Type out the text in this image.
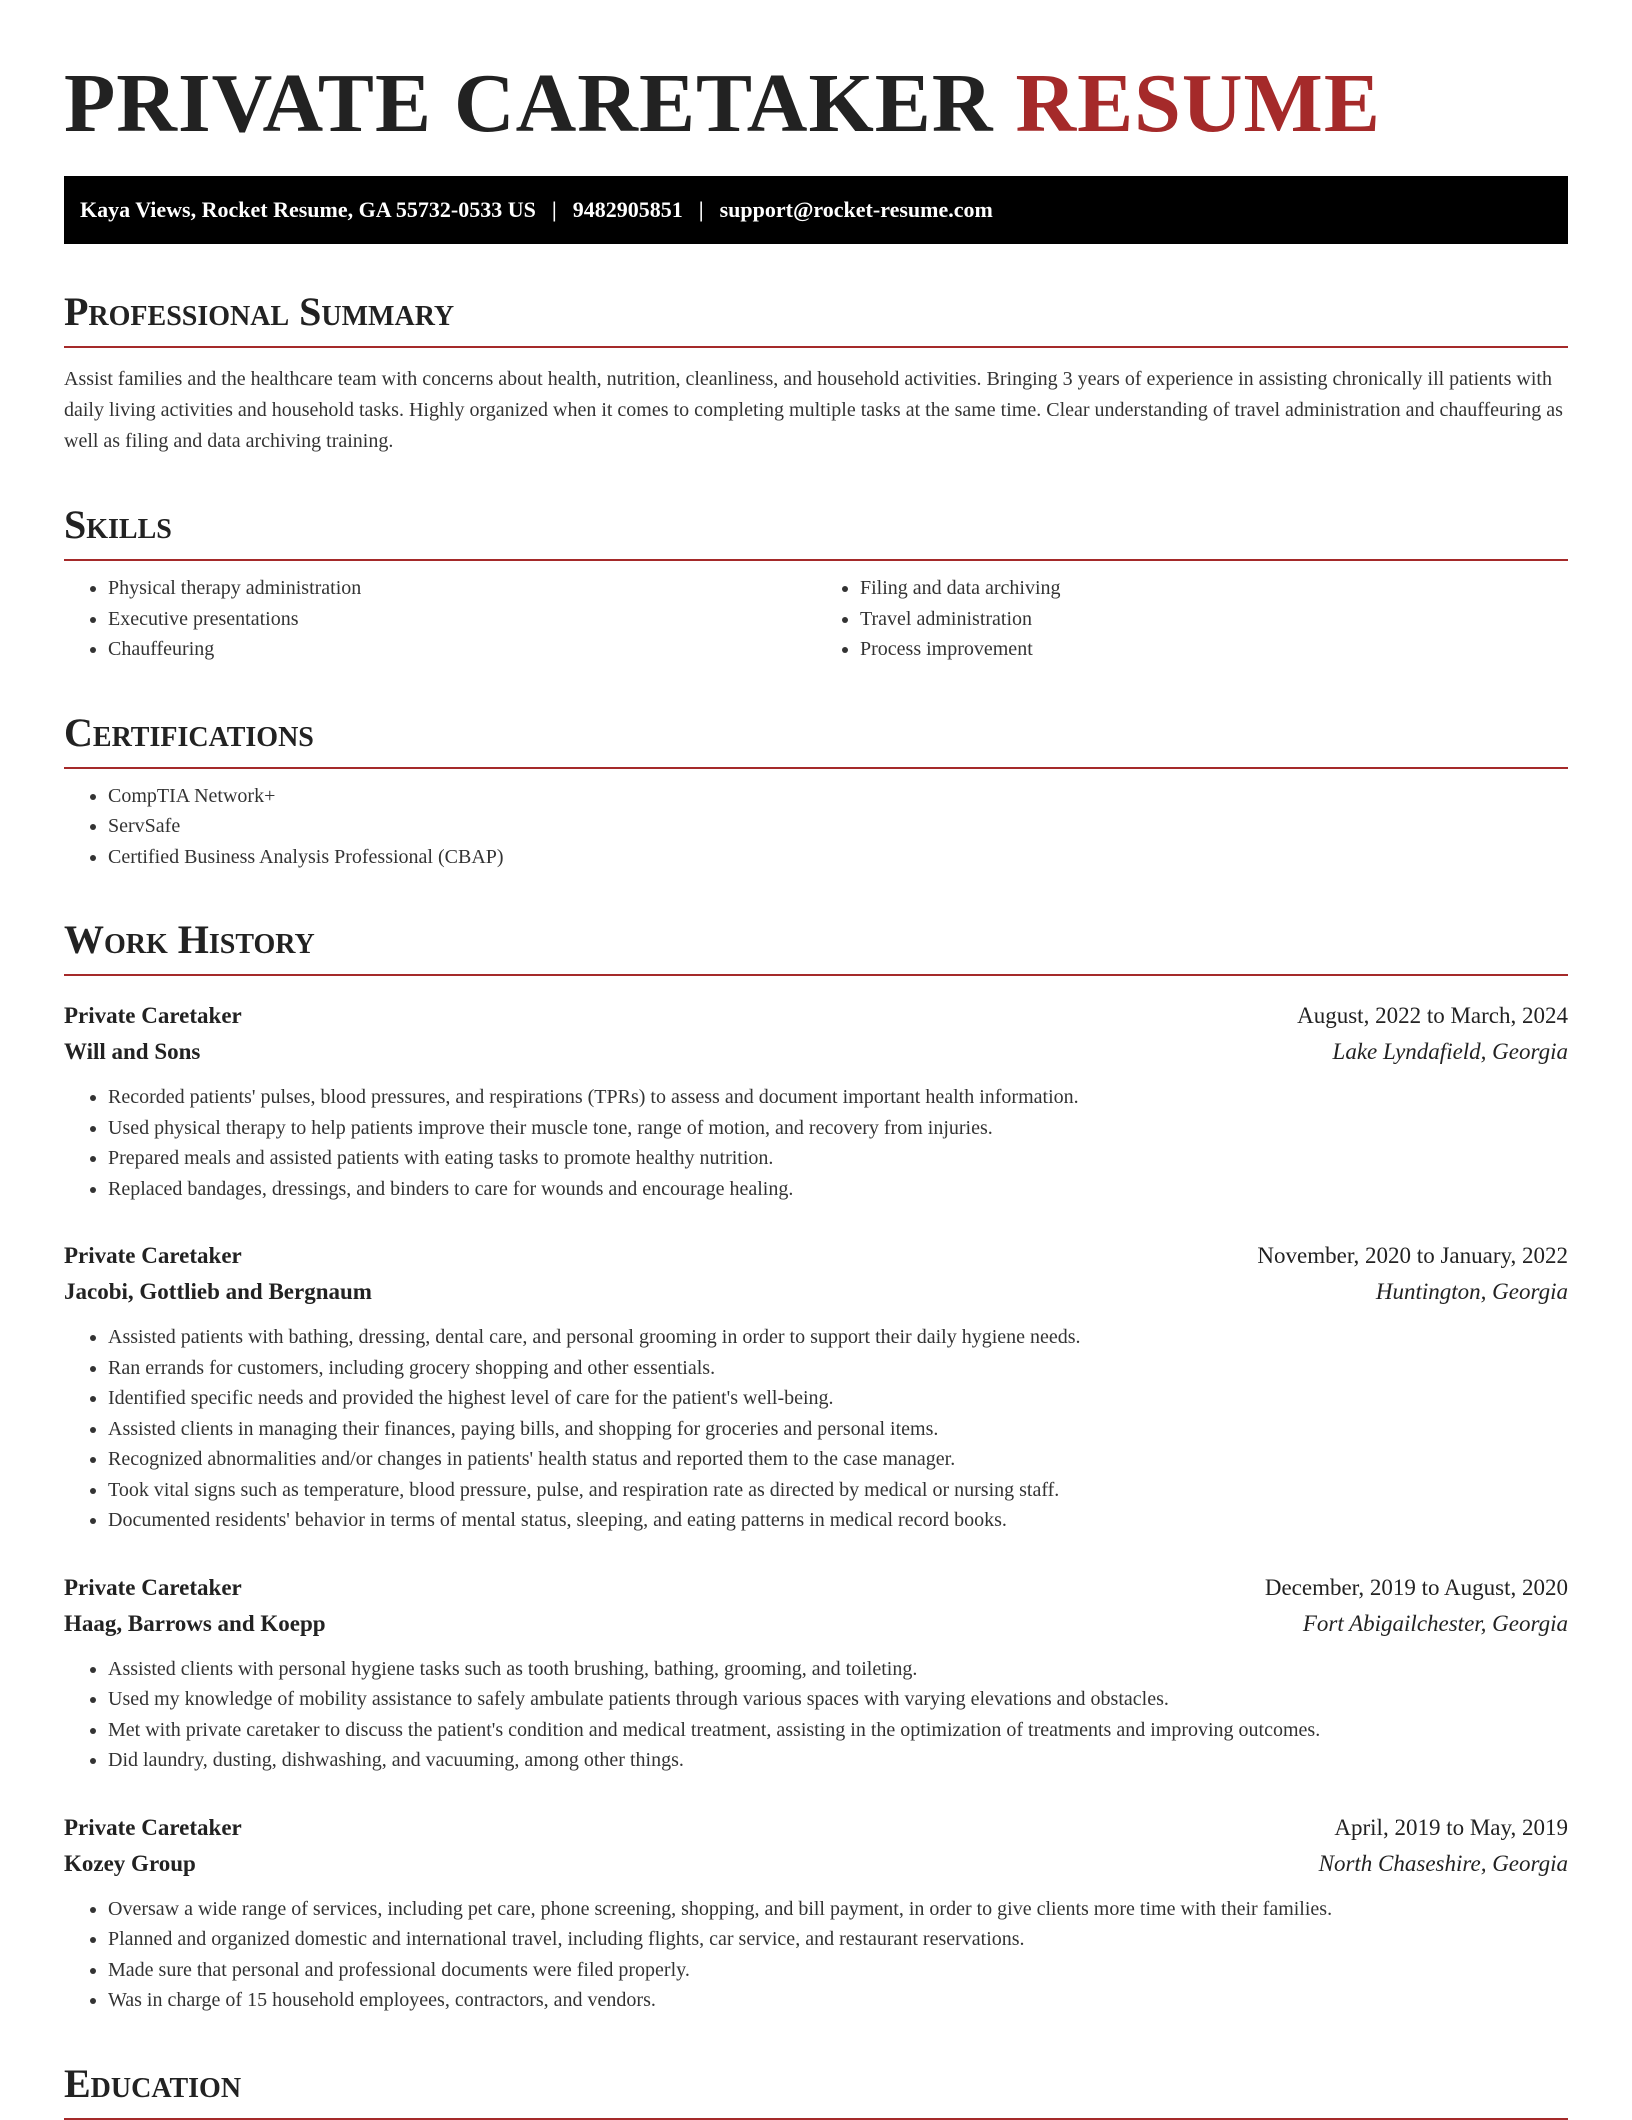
PRIVATE CARETAKER RESUME
Kaya Views, Rocket Resume, GA 55732-0533 US | 9482905851 | support@rocket-resume.com
Professional Summary

Assist families and the healthcare team with concerns about health, nutrition, cleanliness, and household activities. Bringing 3 years of experience in assisting chronically ill patients with daily living activities and household tasks. Highly organized when it comes to completing multiple tasks at the same time. Clear understanding of travel administration and chauffeuring as well as filing and data archiving training.

Skills
• Physical therapy administration
• Executive presentations
• Chauffeuring
• Filing and data archiving
• Travel administration
• Process improvement
Certifications
• CompTIA Network+
• ServSafe
• Certified Business Analysis Professional (CBAP)
Work History
Private Caretaker	August, 2022 to March, 2024
Will and Sons	Lake Lyndafield, Georgia
• Recorded patients' pulses, blood pressures, and respirations (TPRs) to assess and document important health information.
• Used physical therapy to help patients improve their muscle tone, range of motion, and recovery from injuries.
• Prepared meals and assisted patients with eating tasks to promote healthy nutrition.
• Replaced bandages, dressings, and binders to care for wounds and encourage healing.
Private Caretaker	November, 2020 to January, 2022
Jacobi, Gottlieb and Bergnaum	Huntington, Georgia
• Assisted patients with bathing, dressing, dental care, and personal grooming in order to support their daily hygiene needs.
• Ran errands for customers, including grocery shopping and other essentials.
• Identified specific needs and provided the highest level of care for the patient's well-being.
• Assisted clients in managing their finances, paying bills, and shopping for groceries and personal items.
• Recognized abnormalities and/or changes in patients' health status and reported them to the case manager.
• Took vital signs such as temperature, blood pressure, pulse, and respiration rate as directed by medical or nursing staff.
• Documented residents' behavior in terms of mental status, sleeping, and eating patterns in medical record books.
Private Caretaker	December, 2019 to August, 2020
Haag, Barrows and Koepp	Fort Abigailchester, Georgia
• Assisted clients with personal hygiene tasks such as tooth brushing, bathing, grooming, and toileting.
• Used my knowledge of mobility assistance to safely ambulate patients through various spaces with varying elevations and obstacles.
• Met with private caretaker to discuss the patient's condition and medical treatment, assisting in the optimization of treatments and improving outcomes.
• Did laundry, dusting, dishwashing, and vacuuming, among other things.
Private Caretaker	April, 2019 to May, 2019
Kozey Group	North Chaseshire, Georgia
• Oversaw a wide range of services, including pet care, phone screening, shopping, and bill payment, in order to give clients more time with their families.
• Planned and organized domestic and international travel, including flights, car service, and restaurant reservations.
• Made sure that personal and professional documents were filed properly.
• Was in charge of 15 household employees, contractors, and vendors.
Education
